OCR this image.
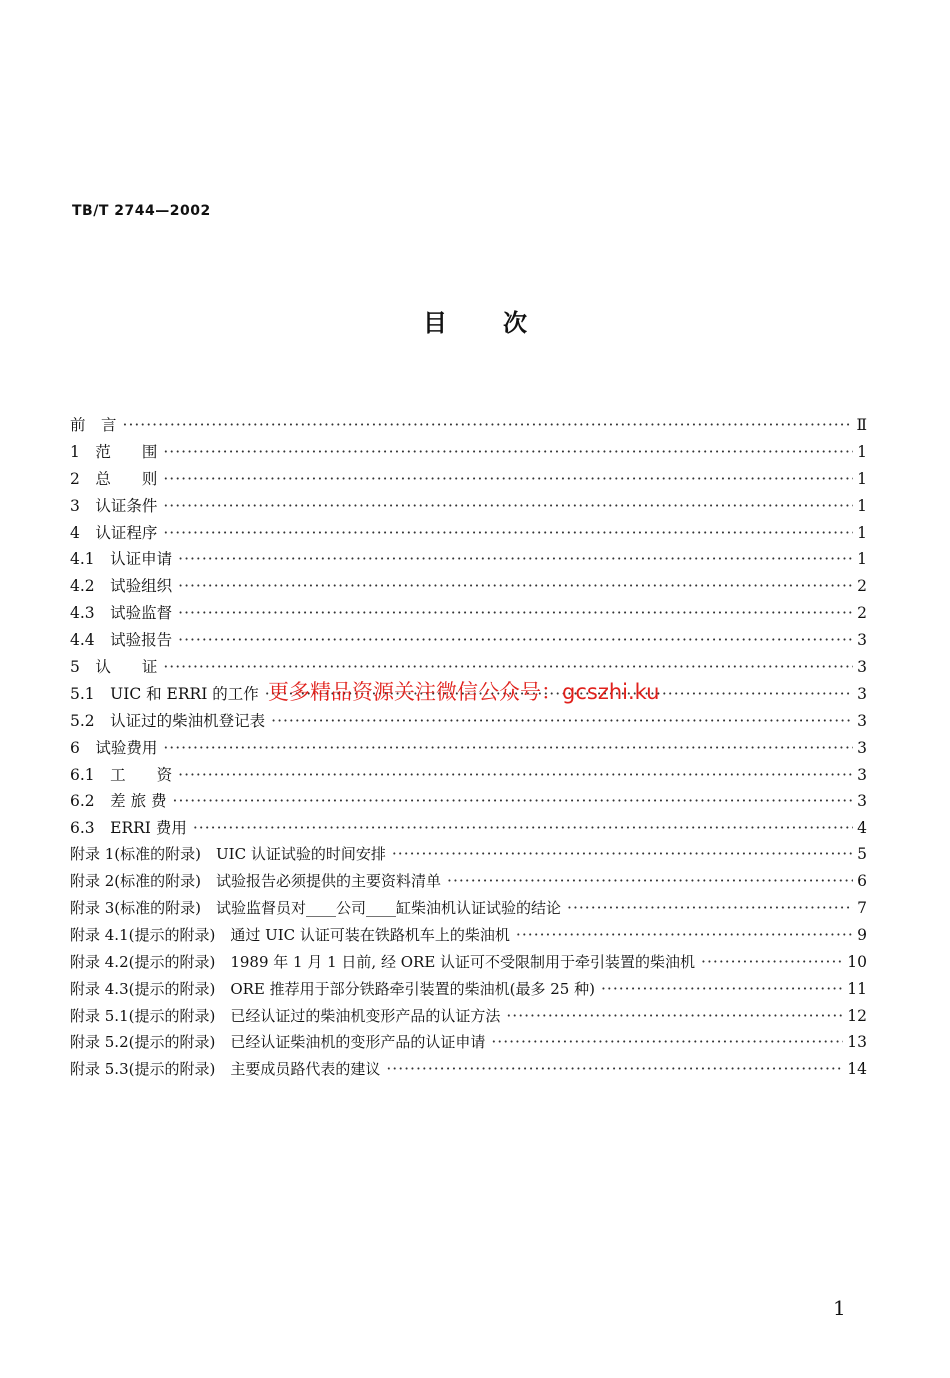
TB/T 2744—2002
目次
前　言 ·····	Ⅱ
1　范　　围 ·····	1
2　总　　则 ·····	1
3　认证条件 ·····	1
4　认证程序 ·····	1
4.1　认证申请 ·····	1
4.2　试验组织 ·····	2
4.3　试验监督 ·····	2
4.4　试验报告 ·····	3
5　认　　证 ·····	3
5.1　UIC 和 ERRI 的工作 ·····	3
5.2　认证过的柴油机登记表 ·····	3
6　试验费用 ·····	3
6.1　工　　资 ·····	3
6.2　差 旅 费 ·····	3
6.3　ERRI 费用 ·····	4
附录 1(标准的附录)　UIC 认证试验的时间安排 ·····	5
附录 2(标准的附录)　试验报告必须提供的主要资料清单 ·····	6
附录 3(标准的附录)　试验监督员对____公司____缸柴油机认证试验的结论 ·····	7
附录 4.1(提示的附录)　通过 UIC 认证可装在铁路机车上的柴油机 ·····	9
附录 4.2(提示的附录)　1989 年 1 月 1 日前, 经 ORE 认证可不受限制用于牵引装置的柴油机 ·····	10
附录 4.3(提示的附录)　ORE 推荐用于部分铁路牵引装置的柴油机(最多 25 种) ·····	11
附录 5.1(提示的附录)　已经认证过的柴油机变形产品的认证方法 ·····	12
附录 5.2(提示的附录)　已经认证柴油机的变形产品的认证申请 ·····	13
附录 5.3(提示的附录)　主要成员路代表的建议 ·····	14
更多精品资源关注微信公众号：gcszhi.ku
1
